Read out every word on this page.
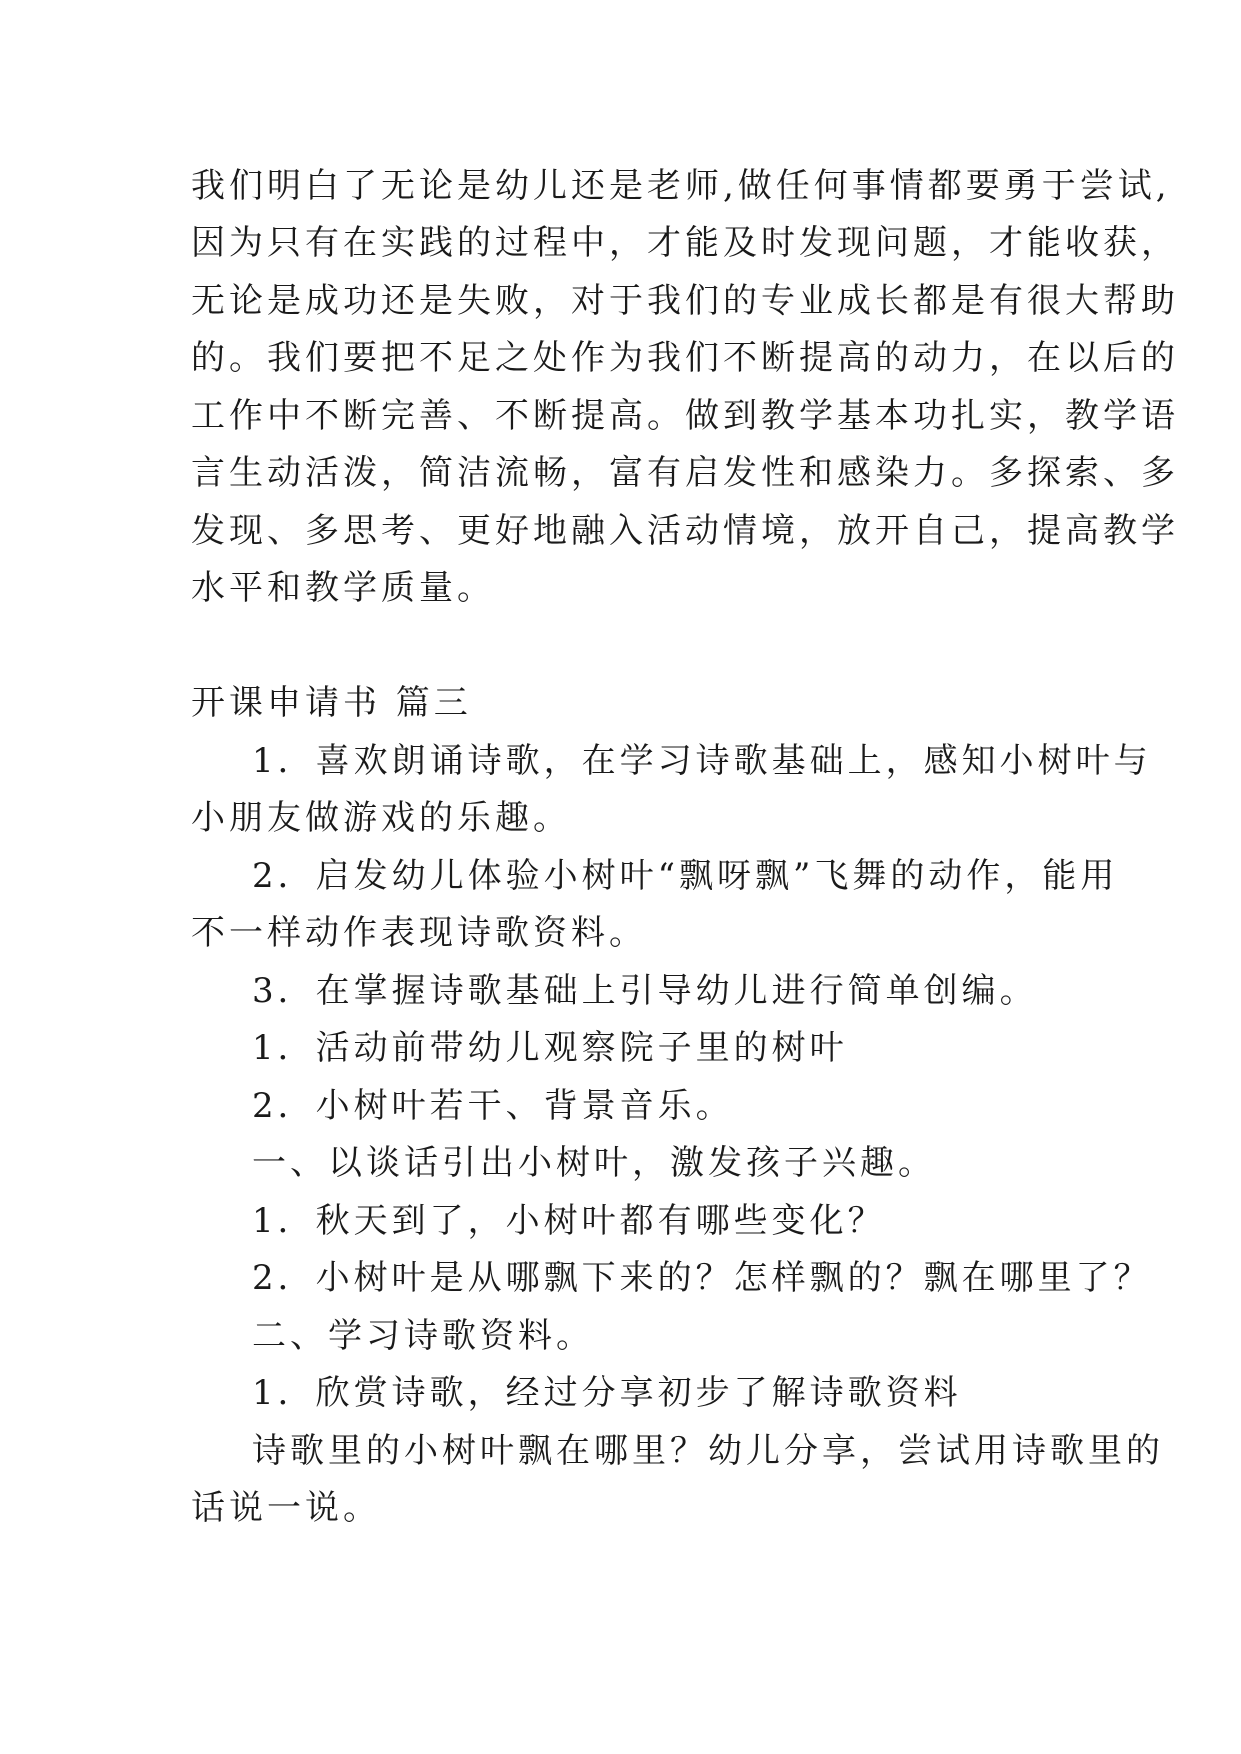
我们明白了无论是幼儿还是老师,做任何事情都要勇于尝试,
因为只有在实践的过程中，才能及时发现问题，才能收获，
无论是成功还是失败，对于我们的专业成长都是有很大帮助
的。我们要把不足之处作为我们不断提高的动力，在以后的
工作中不断完善、不断提高。做到教学基本功扎实，教学语
言生动活泼，简洁流畅，富有启发性和感染力。多探索、多
发现、多思考、更好地融入活动情境，放开自己，提高教学
水平和教学质量。
开课申请书 篇三
1．喜欢朗诵诗歌，在学习诗歌基础上，感知小树叶与
小朋友做游戏的乐趣。
2．启发幼儿体验小树叶“飘呀飘”飞舞的动作，能用
不一样动作表现诗歌资料。
3．在掌握诗歌基础上引导幼儿进行简单创编。
1．活动前带幼儿观察院子里的树叶
2．小树叶若干、背景音乐。
一、以谈话引出小树叶，激发孩子兴趣。
1．秋天到了，小树叶都有哪些变化？
2．小树叶是从哪飘下来的？怎样飘的？飘在哪里了？
二、学习诗歌资料。
1．欣赏诗歌，经过分享初步了解诗歌资料
诗歌里的小树叶飘在哪里？幼儿分享，尝试用诗歌里的
话说一说。
